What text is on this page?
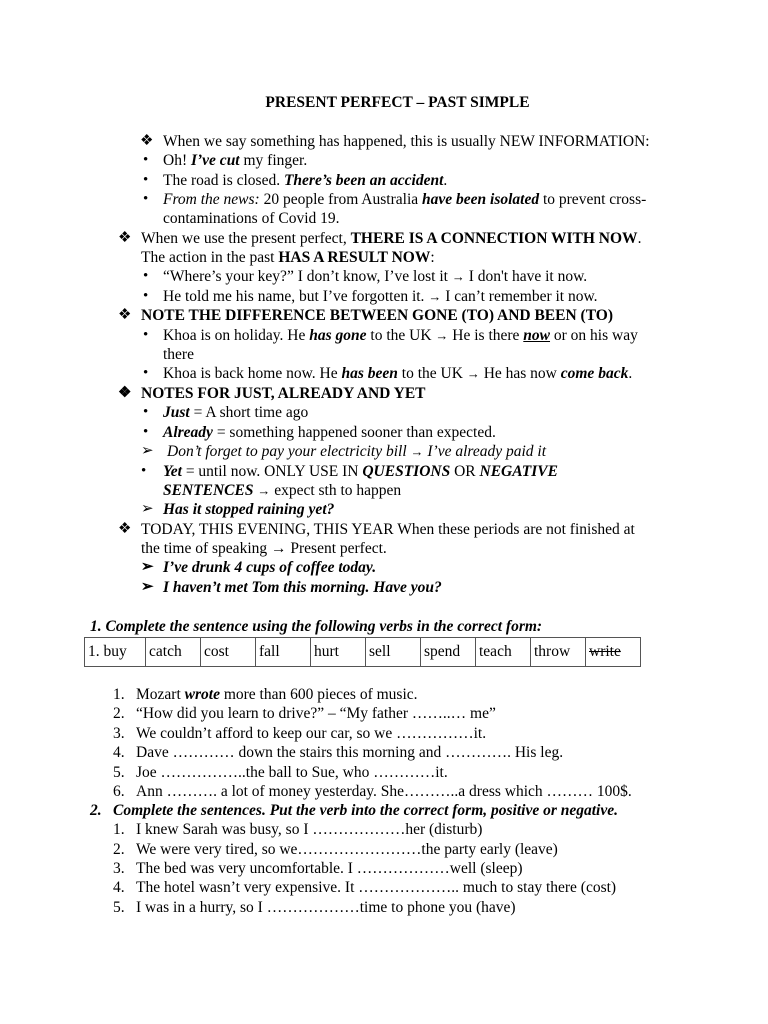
PRESENT PERFECT – PAST SIMPLE
❖ When we say something has happened, this is usually NEW INFORMATION:
• Oh! I’ve cut my finger.
• The road is closed. There’s been an accident.
• From the news: 20 people from Australia have been isolated to prevent cross-
contaminations of Covid 19.
❖ When we use the present perfect, THERE IS A CONNECTION WITH NOW.
The action in the past HAS A RESULT NOW:
• “Where’s your key?” I don’t know, I’ve lost it → I don't have it now.
• He told me his name, but I’ve forgotten it. → I can’t remember it now.
❖ NOTE THE DIFFERENCE BETWEEN GONE (TO) AND BEEN (TO)
• Khoa is on holiday. He has gone to the UK → He is there now or on his way
there
• Khoa is back home now. He has been to the UK → He has now come back.
❖ NOTES FOR JUST, ALREADY AND YET
• Just = A short time ago
• Already = something happened sooner than expected.
➢ Don’t forget to pay your electricity bill → I’ve already paid it
• Yet = until now. ONLY USE IN QUESTIONS OR NEGATIVE
SENTENCES → expect sth to happen
➢ Has it stopped raining yet?
❖ TODAY, THIS EVENING, THIS YEAR When these periods are not finished at
the time of speaking → Present perfect.
➢ I’ve drunk 4 cups of coffee today.
➢ I haven’t met Tom this morning. Have you?
1. Complete the sentence using the following verbs in the correct form:
1. buy	catch	cost	fall	hurt	sell	spend	teach	throw	write
1. Mozart wrote more than 600 pieces of music.
2. “How did you learn to drive?” – “My father ……..… me”
3. We couldn’t afford to keep our car, so we ……………it.
4. Dave ………… down the stairs this morning and …………. His leg.
5. Joe ……………..the ball to Sue, who …………it.
6. Ann ………. a lot of money yesterday. She………..a dress which ……… 100$.
2. Complete the sentences. Put the verb into the correct form, positive or negative.
1. I knew Sarah was busy, so I ………………her (disturb)
2. We were very tired, so we……………………the party early (leave)
3. The bed was very uncomfortable. I ………………well (sleep)
4. The hotel wasn’t very expensive. It ……………….. much to stay there (cost)
5. I was in a hurry, so I ………………time to phone you (have)
